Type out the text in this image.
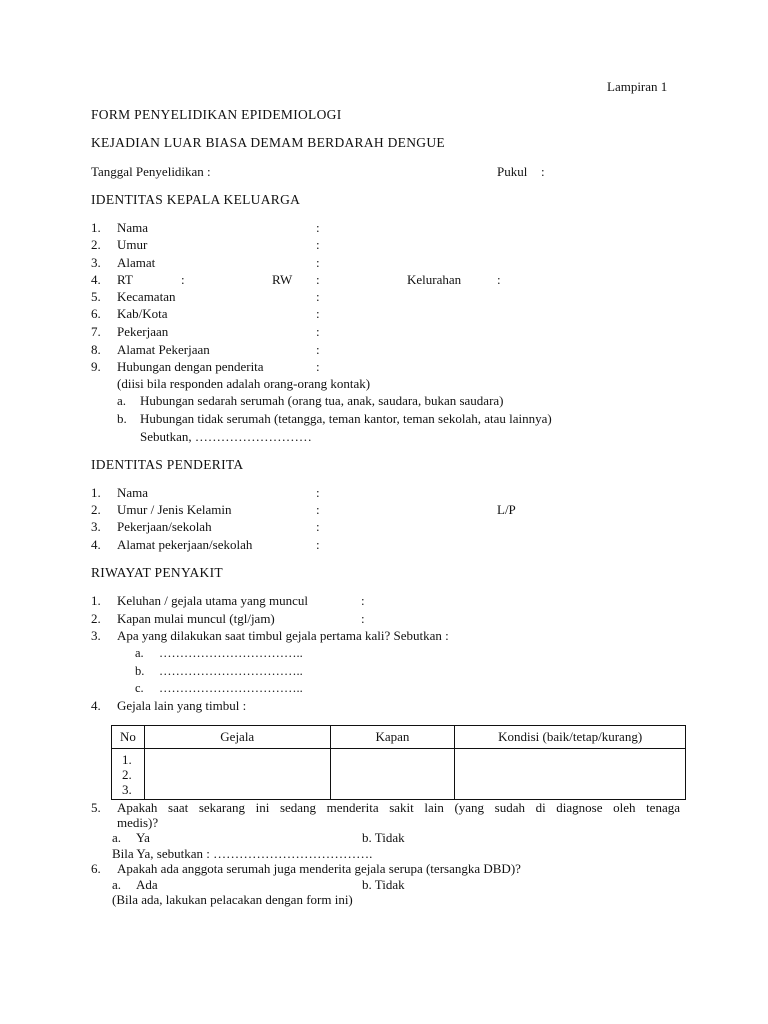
Lampiran 1
FORM PENYELIDIKAN EPIDEMIOLOGI
KEJADIAN LUAR BIASA DEMAM BERDARAH DENGUE
Tanggal Penyelidikan :	Pukul :
IDENTITAS KEPALA KELUARGA
1. Nama	:
2. Umur	:
3. Alamat	:
4. RT	:	RW :	Kelurahan	:
5. Kecamatan	:
6. Kab/Kota	:
7. Pekerjaan	:
8. Alamat Pekerjaan	:
9. Hubungan dengan penderita	:
(diisi bila responden adalah orang-orang kontak)
a. Hubungan sedarah serumah (orang tua, anak, saudara, bukan saudara)
b. Hubungan tidak serumah (tetangga, teman kantor, teman sekolah, atau lainnya)
Sebutkan, ………………………
IDENTITAS PENDERITA
1. Nama	:
2. Umur / Jenis Kelamin	:	L/P
3. Pekerjaan/sekolah	:
4. Alamat pekerjaan/sekolah	:
RIWAYAT PENYAKIT
1. Keluhan / gejala utama yang muncul	:
2. Kapan mulai muncul (tgl/jam)	:
3. Apa yang dilakukan saat timbul gejala pertama kali? Sebutkan :
a. ……………………………..
b. ……………………………..
c. ……………………………..
4. Gejala lain yang timbul :
No	Gejala	Kapan	Kondisi (baik/tetap/kurang)

1.
2.
3.			

5. Apakah saat sekarang ini sedang menderita sakit lain (yang sudah di diagnose oleh tenaga
medis)?
a. Ya	b. Tidak
Bila Ya, sebutkan : ……………………………….
6. Apakah ada anggota serumah juga menderita gejala serupa (tersangka DBD)?
a. Ada	b. Tidak
(Bila ada, lakukan pelacakan dengan form ini)
